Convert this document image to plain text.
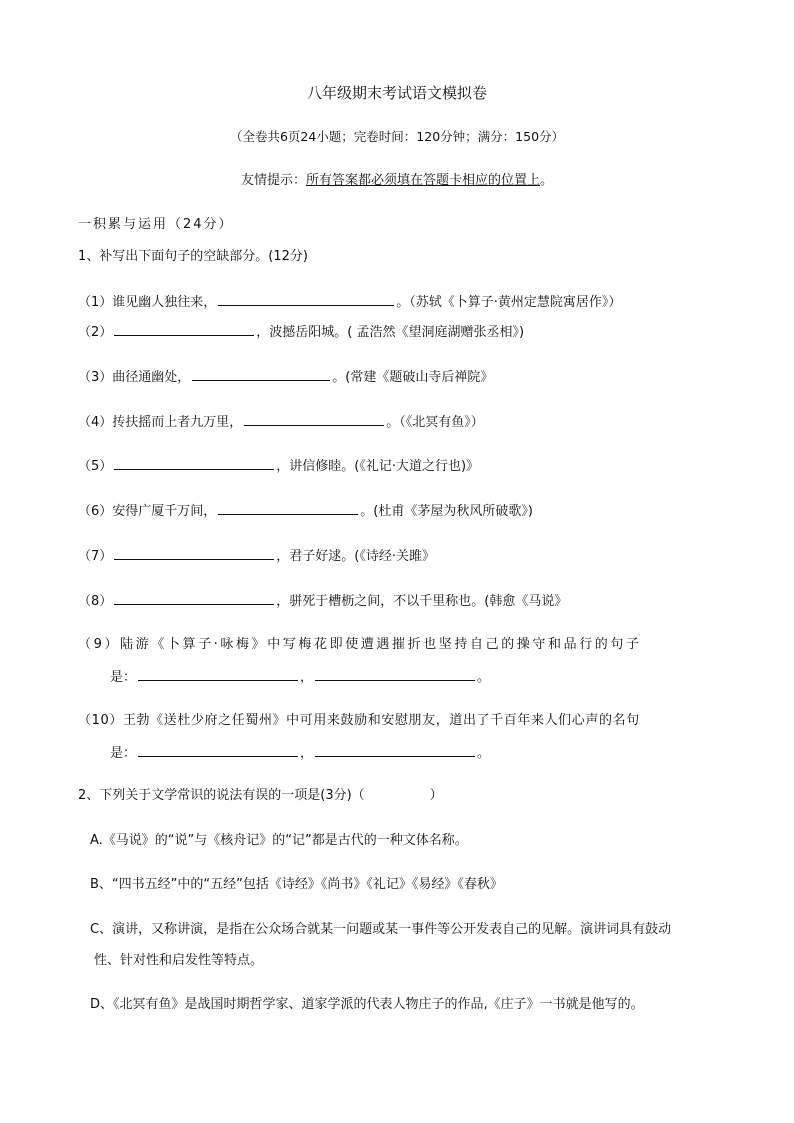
八年级期末考试语文模拟卷
（全卷共6页24小题；完卷时间：120分钟；满分：150分）
友情提示：所有答案都必须填在答题卡相应的位置上。
一积累与运用（24分）
1、补写出下面句子的空缺部分。(12分)
（1）谁见幽人独往来，	。（苏轼《卜算子·黄州定慧院寓居作》）
（2）	，波撼岳阳城。( 孟浩然《望洞庭湖赠张丞相》)
（3）曲径通幽处，	。(常建《题破山寺后禅院》
（4）抟扶摇而上者九万里，	。（《北冥有鱼》）
（5）	，讲信修睦。(《礼记·大道之行也)》
（6）安得广厦千万间，	。(杜甫《茅屋为秋风所破歌》)
（7）	，君子好逑。(《诗经·关雎》
（8）	，骈死于槽枥之间，不以千里称也。(韩愈《马说》
（9）陆游《卜算子·咏梅》中写梅花即使遭遇摧折也坚持自己的操守和品行的句子
是：	，	。
（10）王勃《送杜少府之任蜀州》中可用来鼓励和安慰朋友，道出了千百年来人们心声的名句
是：	，	。
2、下列关于文学常识的说法有误的一项是(3分)（　　　　　）
A.《马说》的“说”与《核舟记》的“记”都是古代的一种文体名称。
B、“四书五经”中的“五经”包括《诗经》《尚书》《礼记》《易经》《春秋》
C、演讲，又称讲演，是指在公众场合就某一问题或某一事件等公开发表自己的见解。演讲词具有鼓动
性、针对性和启发性等特点。
D、《北冥有鱼》是战国时期哲学家、道家学派的代表人物庄子的作品,《庄子》一书就是他写的。
